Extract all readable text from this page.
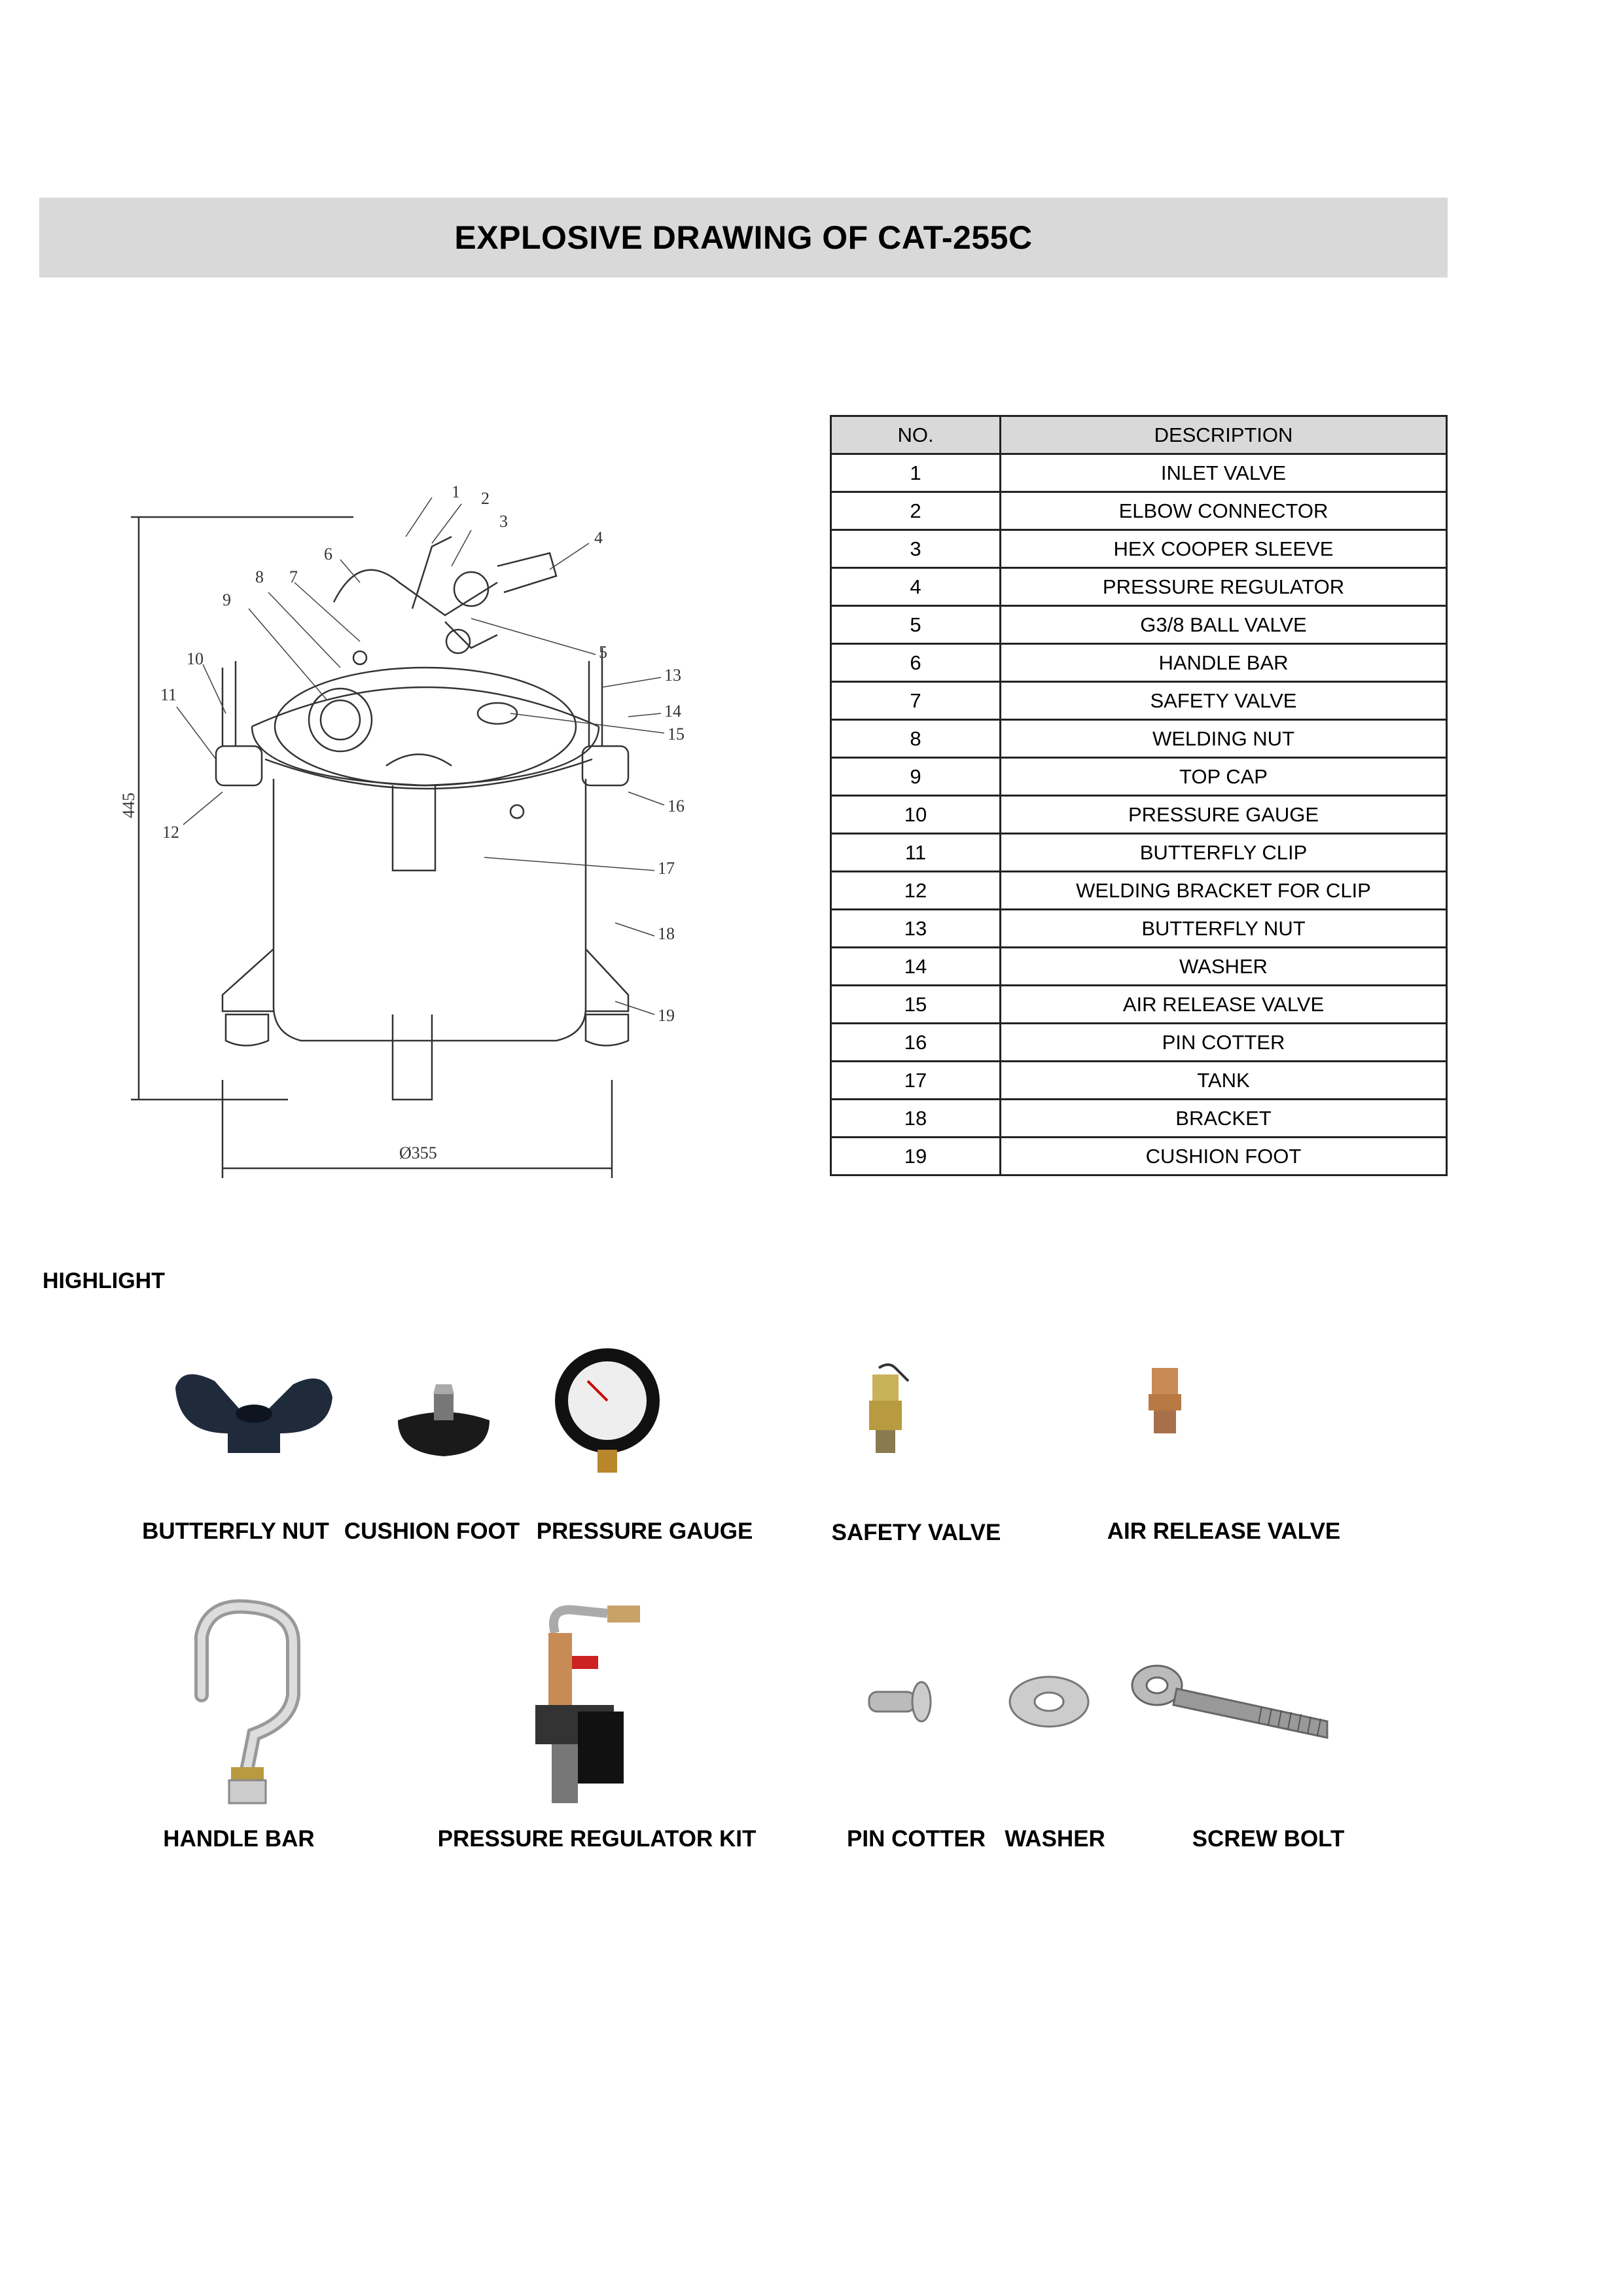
EXPLOSIVE DRAWING OF CAT-255C
1 2
3
4
5
6
7
8
9
10
11
12
13
14
15
16
17
18
19
445
Ø355
NO.	DESCRIPTION
1	INLET VALVE
2	ELBOW CONNECTOR
3	HEX COOPER SLEEVE
4	PRESSURE REGULATOR
5	G3/8 BALL VALVE
6	HANDLE BAR
7	SAFETY VALVE
8	WELDING NUT
9	TOP CAP
10	PRESSURE GAUGE
11	BUTTERFLY CLIP
12	WELDING BRACKET FOR CLIP
13	BUTTERFLY NUT
14	WASHER
15	AIR RELEASE VALVE
16	PIN COTTER
17	TANK
18	BRACKET
19	CUSHION FOOT
HIGHLIGHT
BUTTERFLY NUT CUSHION FOOT PRESSURE GAUGE	SAFETY VALVE	AIR RELEASE VALVE
HANDLE BAR	PRESSURE REGULATOR KIT	PIN COTTER WASHER	SCREW BOLT
